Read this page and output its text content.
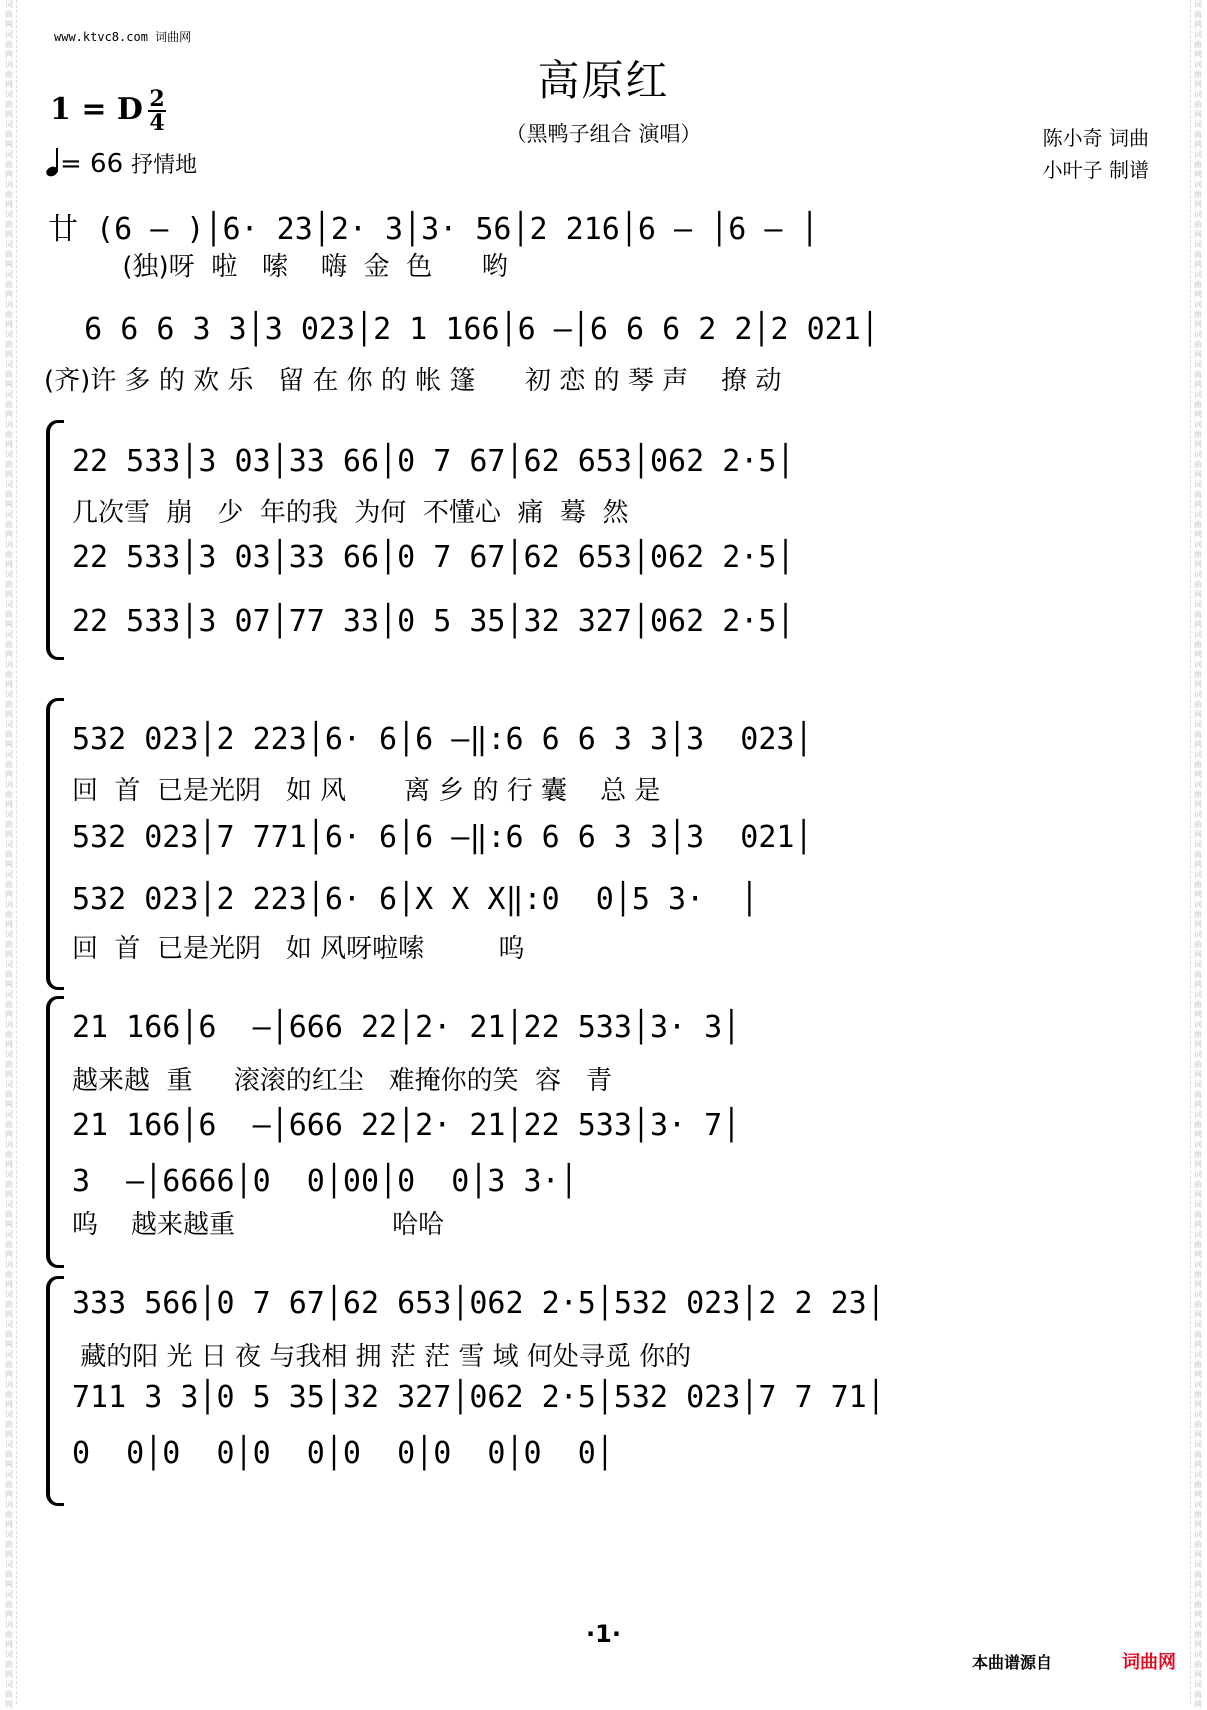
词曲网词曲网词曲网词曲网词曲网词曲网词曲网词曲网词曲网词曲网词曲网词曲网词曲网词曲网词曲网词曲网词曲网词曲网词曲网词曲网词曲网词曲网词曲网词曲网词曲网词曲网词曲网词曲网词曲网词曲网词曲网词曲网词曲网词曲网词曲网词曲网词曲网词曲网词曲网词曲网词曲网词曲网词曲网词曲网词曲网词曲网词曲网词曲网词曲网词曲网词曲网词曲网词曲网词曲网词曲网词曲网词曲网
词曲网词曲网词曲网词曲网词曲网词曲网词曲网词曲网词曲网词曲网词曲网词曲网词曲网词曲网词曲网词曲网词曲网词曲网词曲网词曲网词曲网词曲网词曲网词曲网词曲网词曲网词曲网词曲网词曲网词曲网词曲网词曲网词曲网词曲网词曲网词曲网词曲网词曲网词曲网词曲网词曲网词曲网词曲网词曲网词曲网词曲网词曲网词曲网词曲网词曲网词曲网词曲网词曲网词曲网词曲网词曲网词曲网
www.ktvc8.com 词曲网
高原红
（黑鸭子组合 演唱）	陈小奇 词曲
小叶子 制谱
1 = D 2
4
= 66 抒情地
廿 (6 – )│6· 23│2· 3│3· 56│2 216│6 – │6 – │
(独)呀  啦   嗦    嗨  金  色      哟
6 6 6 3 3│3 023│2 1 166│6 –│6 6 6 2 2│2 021│
(齐)许 多 的 欢 乐   留 在 你 的 帐 篷      初 恋 的 琴 声    撩 动
22 533│3 03│33 66│0 7 67│62 653│062 2·5│
几次雪  崩   少  年的我  为何  不懂心  痛  蓦  然
22 533│3 03│33 66│0 7 67│62 653│062 2·5│
22 533│3 07│77 33│0 5 35│32 327│062 2·5│
532 023│2 223│6· 6│6 –‖:6 6 6 3 3│3  023│
回  首  已是光阴   如 风       离 乡 的 行 囊    总 是
532 023│7 771│6· 6│6 –‖:6 6 6 3 3│3  021│
532 023│2 223│6· 6│X X X‖:0  0│5 3·  │
回  首  已是光阴   如 风呀啦嗦         呜
21 166│6  –│666 22│2· 21│22 533│3· 3│
越来越  重     滚滚的红尘   难掩你的笑  容   青
21 166│6  –│666 22│2· 21│22 533│3· 7│
3  –│6666│0  0│00│0  0│3 3·│
呜    越来越重                   哈哈
333 566│0 7 67│62 653│062 2·5│532 023│2 2 23│
藏的阳 光 日 夜 与我相 拥 茫 茫 雪 域 何处寻觅 你的
711 3 3│0 5 35│32 327│062 2·5│532 023│7 7 71│
0  0│0  0│0  0│0  0│0  0│0  0│
·1·
本曲谱源自	词曲网
